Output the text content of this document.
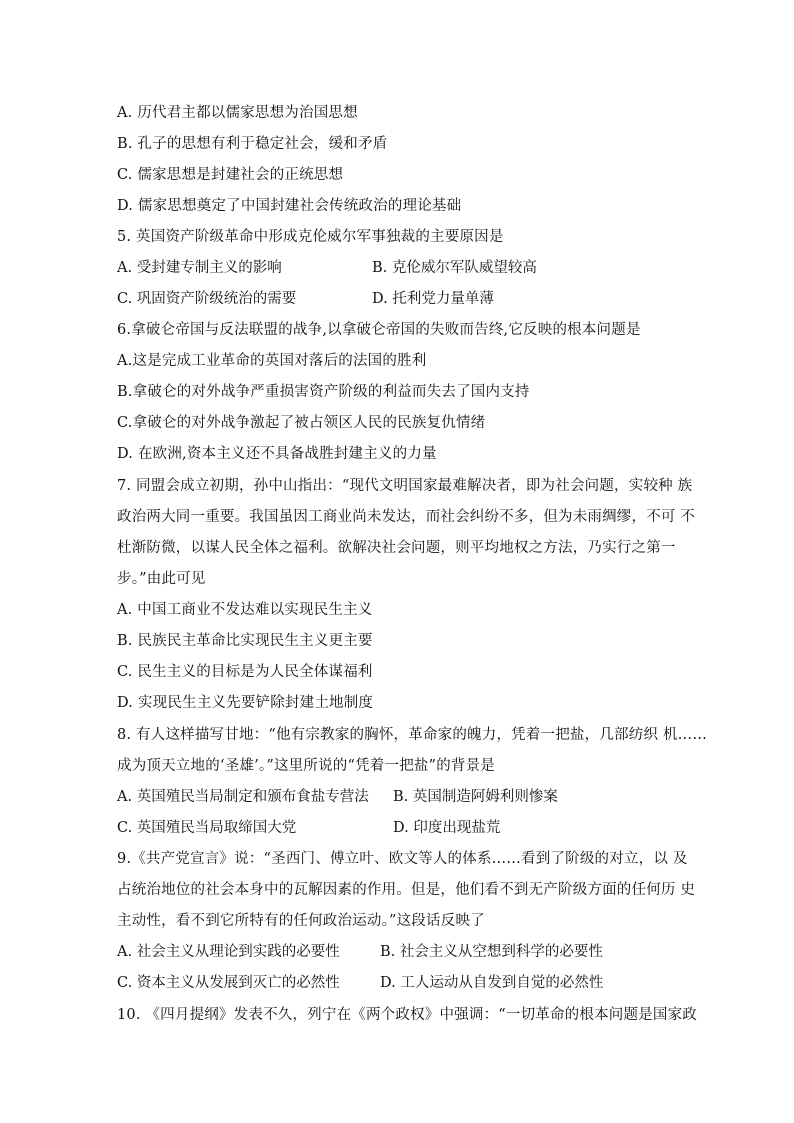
A. 历代君主都以儒家思想为治国思想
B. 孔子的思想有利于稳定社会，缓和矛盾
C. 儒家思想是封建社会的正统思想
D. 儒家思想奠定了中国封建社会传统政治的理论基础
5. 英国资产阶级革命中形成克伦威尔军事独裁的主要原因是
A. 受封建专制主义的影响	B. 克伦威尔军队威望较高
C. 巩固资产阶级统治的需要	D. 托利党力量单薄
6.拿破仑帝国与反法联盟的战争,以拿破仑帝国的失败而告终,它反映的根本问题是
A.这是完成工业革命的英国对落后的法国的胜利
B.拿破仑的对外战争严重损害资产阶级的利益而失去了国内支持
C.拿破仑的对外战争激起了被占领区人民的民族复仇情绪
D. 在欧洲,资本主义还不具备战胜封建主义的力量
7. 同盟会成立初期，孙中山指出：“现代文明国家最难解决者，即为社会问题，实较种 族
政治两大同一重要。我国虽因工商业尚未发达，而社会纠纷不多，但为未雨绸缪，不可 不
杜渐防微，以谋人民全体之福利。欲解决社会问题，则平均地权之方法，乃实行之第一
步。”由此可见
A. 中国工商业不发达难以实现民生主义
B. 民族民主革命比实现民生主义更主要
C. 民生主义的目标是为人民全体谋福利
D. 实现民生主义先要铲除封建土地制度
8. 有人这样描写甘地：“他有宗教家的胸怀，革命家的魄力，凭着一把盐，几部纺织 机……
成为顶天立地的‘圣雄’。”这里所说的“凭着一把盐”的背景是
A. 英国殖民当局制定和颁布食盐专营法 B. 英国制造阿姆利则惨案
C. 英国殖民当局取缔国大党	D. 印度出现盐荒
9.《共产党宣言》说：“圣西门、傅立叶、欧文等人的体系……看到了阶级的对立，以 及
占统治地位的社会本身中的瓦解因素的作用。但是，他们看不到无产阶级方面的任何历 史
主动性，看不到它所特有的任何政治运动。”这段话反映了
A. 社会主义从理论到实践的必要性	B. 社会主义从空想到科学的必要性
C. 资本主义从发展到灭亡的必然性	D. 工人运动从自发到自觉的必然性
10. 《四月提纲》发表不久，列宁在《两个政权》中强调：“一切革命的根本问题是国家政
